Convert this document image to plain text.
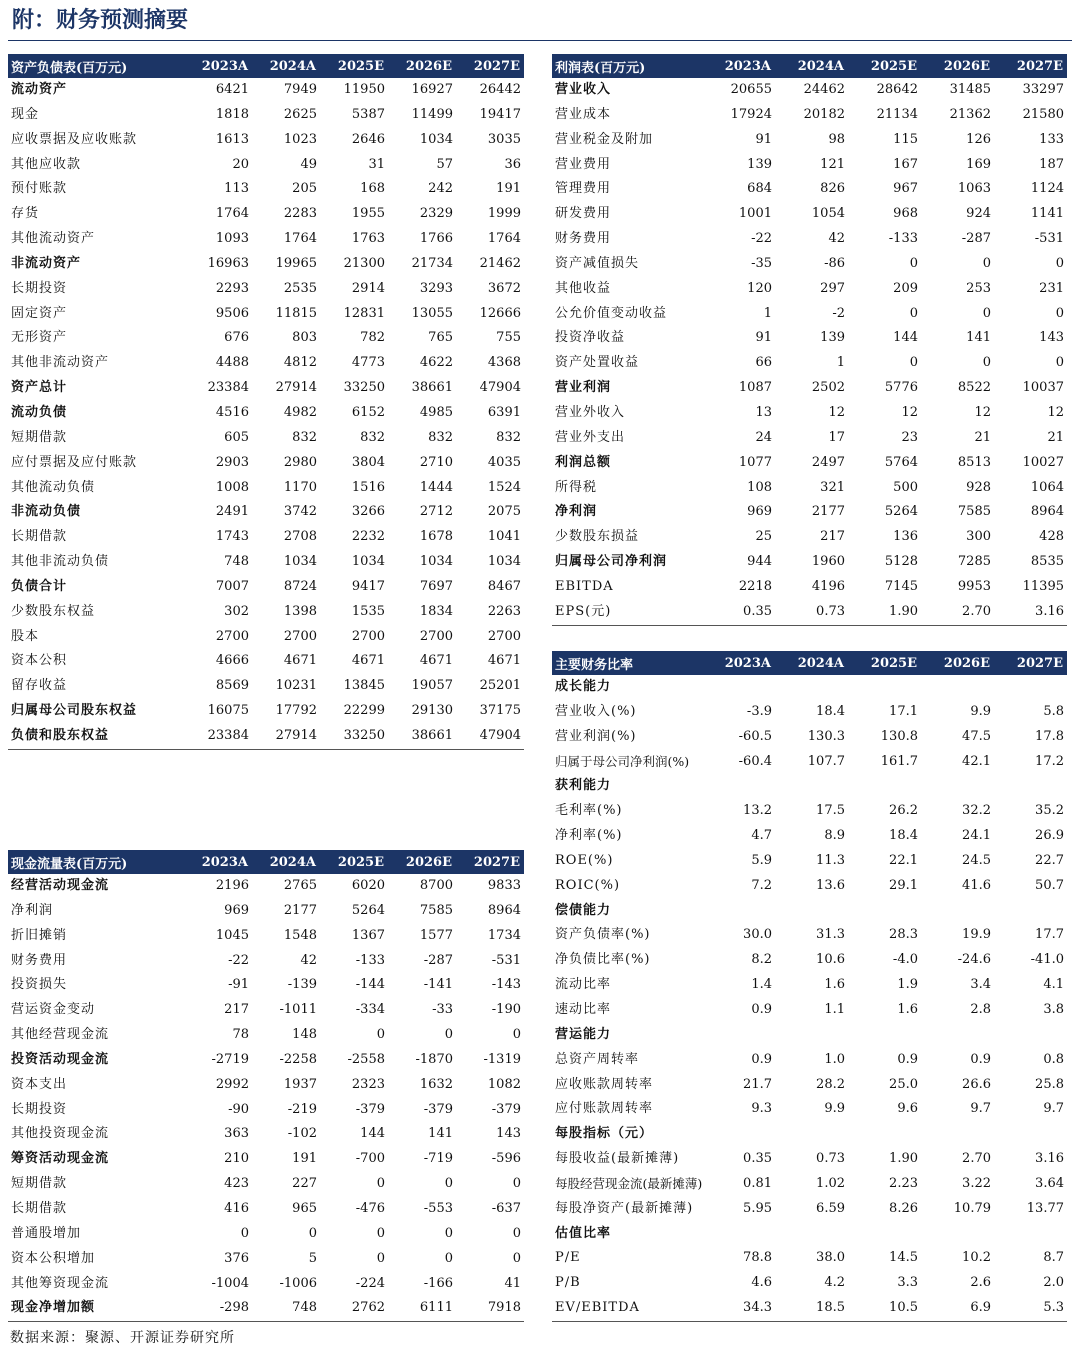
附：财务预测摘要
资产负债表(百万元)	2023A	2024A	2025E	2026E	2027E
流动资产	6421	7949	11950	16927	26442
现金	1818	2625	5387	11499	19417
应收票据及应收账款	1613	1023	2646	1034	3035
其他应收款	20	49	31	57	36
预付账款	113	205	168	242	191
存货	1764	2283	1955	2329	1999
其他流动资产	1093	1764	1763	1766	1764
非流动资产	16963	19965	21300	21734	21462
长期投资	2293	2535	2914	3293	3672
固定资产	9506	11815	12831	13055	12666
无形资产	676	803	782	765	755
其他非流动资产	4488	4812	4773	4622	4368
资产总计	23384	27914	33250	38661	47904
流动负债	4516	4982	6152	4985	6391
短期借款	605	832	832	832	832
应付票据及应付账款	2903	2980	3804	2710	4035
其他流动负债	1008	1170	1516	1444	1524
非流动负债	2491	3742	3266	2712	2075
长期借款	1743	2708	2232	1678	1041
其他非流动负债	748	1034	1034	1034	1034
负债合计	7007	8724	9417	7697	8467
少数股东权益	302	1398	1535	1834	2263
股本	2700	2700	2700	2700	2700
资本公积	4666	4671	4671	4671	4671
留存收益	8569	10231	13845	19057	25201
归属母公司股东权益	16075	17792	22299	29130	37175
负债和股东权益	23384	27914	33250	38661	47904
利润表(百万元)	2023A	2024A	2025E	2026E	2027E
营业收入	20655	24462	28642	31485	33297
营业成本	17924	20182	21134	21362	21580
营业税金及附加	91	98	115	126	133
营业费用	139	121	167	169	187
管理费用	684	826	967	1063	1124
研发费用	1001	1054	968	924	1141
财务费用	-22	42	-133	-287	-531
资产减值损失	-35	-86	0	0	0
其他收益	120	297	209	253	231
公允价值变动收益	1	-2	0	0	0
投资净收益	91	139	144	141	143
资产处置收益	66	1	0	0	0
营业利润	1087	2502	5776	8522	10037
营业外收入	13	12	12	12	12
营业外支出	24	17	23	21	21
利润总额	1077	2497	5764	8513	10027
所得税	108	321	500	928	1064
净利润	969	2177	5264	7585	8964
少数股东损益	25	217	136	300	428
归属母公司净利润	944	1960	5128	7285	8535
EBITDA	2218	4196	7145	9953	11395
EPS(元)	0.35	0.73	1.90	2.70	3.16
主要财务比率	2023A	2024A	2025E	2026E	2027E
成长能力					
营业收入(%)	-3.9	18.4	17.1	9.9	5.8
营业利润(%)	-60.5	130.3	130.8	47.5	17.8
归属于母公司净利润(%)	-60.4	107.7	161.7	42.1	17.2
获利能力					
毛利率(%)	13.2	17.5	26.2	32.2	35.2
净利率(%)	4.7	8.9	18.4	24.1	26.9
ROE(%)	5.9	11.3	22.1	24.5	22.7
ROIC(%)	7.2	13.6	29.1	41.6	50.7
偿债能力					
资产负债率(%)	30.0	31.3	28.3	19.9	17.7
净负债比率(%)	8.2	10.6	-4.0	-24.6	-41.0
流动比率	1.4	1.6	1.9	3.4	4.1
速动比率	0.9	1.1	1.6	2.8	3.8
营运能力					
总资产周转率	0.9	1.0	0.9	0.9	0.8
应收账款周转率	21.7	28.2	25.0	26.6	25.8
应付账款周转率	9.3	9.9	9.6	9.7	9.7
每股指标（元）					
每股收益(最新摊薄)	0.35	0.73	1.90	2.70	3.16
每股经营现金流(最新摊薄)	0.81	1.02	2.23	3.22	3.64
每股净资产(最新摊薄)	5.95	6.59	8.26	10.79	13.77
估值比率					
P/E	78.8	38.0	14.5	10.2	8.7
P/B	4.6	4.2	3.3	2.6	2.0
EV/EBITDA	34.3	18.5	10.5	6.9	5.3
现金流量表(百万元)	2023A	2024A	2025E	2026E	2027E
经营活动现金流	2196	2765	6020	8700	9833
净利润	969	2177	5264	7585	8964
折旧摊销	1045	1548	1367	1577	1734
财务费用	-22	42	-133	-287	-531
投资损失	-91	-139	-144	-141	-143
营运资金变动	217	-1011	-334	-33	-190
其他经营现金流	78	148	0	0	0
投资活动现金流	-2719	-2258	-2558	-1870	-1319
资本支出	2992	1937	2323	1632	1082
长期投资	-90	-219	-379	-379	-379
其他投资现金流	363	-102	144	141	143
筹资活动现金流	210	191	-700	-719	-596
短期借款	423	227	0	0	0
长期借款	416	965	-476	-553	-637
普通股增加	0	0	0	0	0
资本公积增加	376	5	0	0	0
其他筹资现金流	-1004	-1006	-224	-166	41
现金净增加额	-298	748	2762	6111	7918
数据来源：聚源、开源证券研究所
